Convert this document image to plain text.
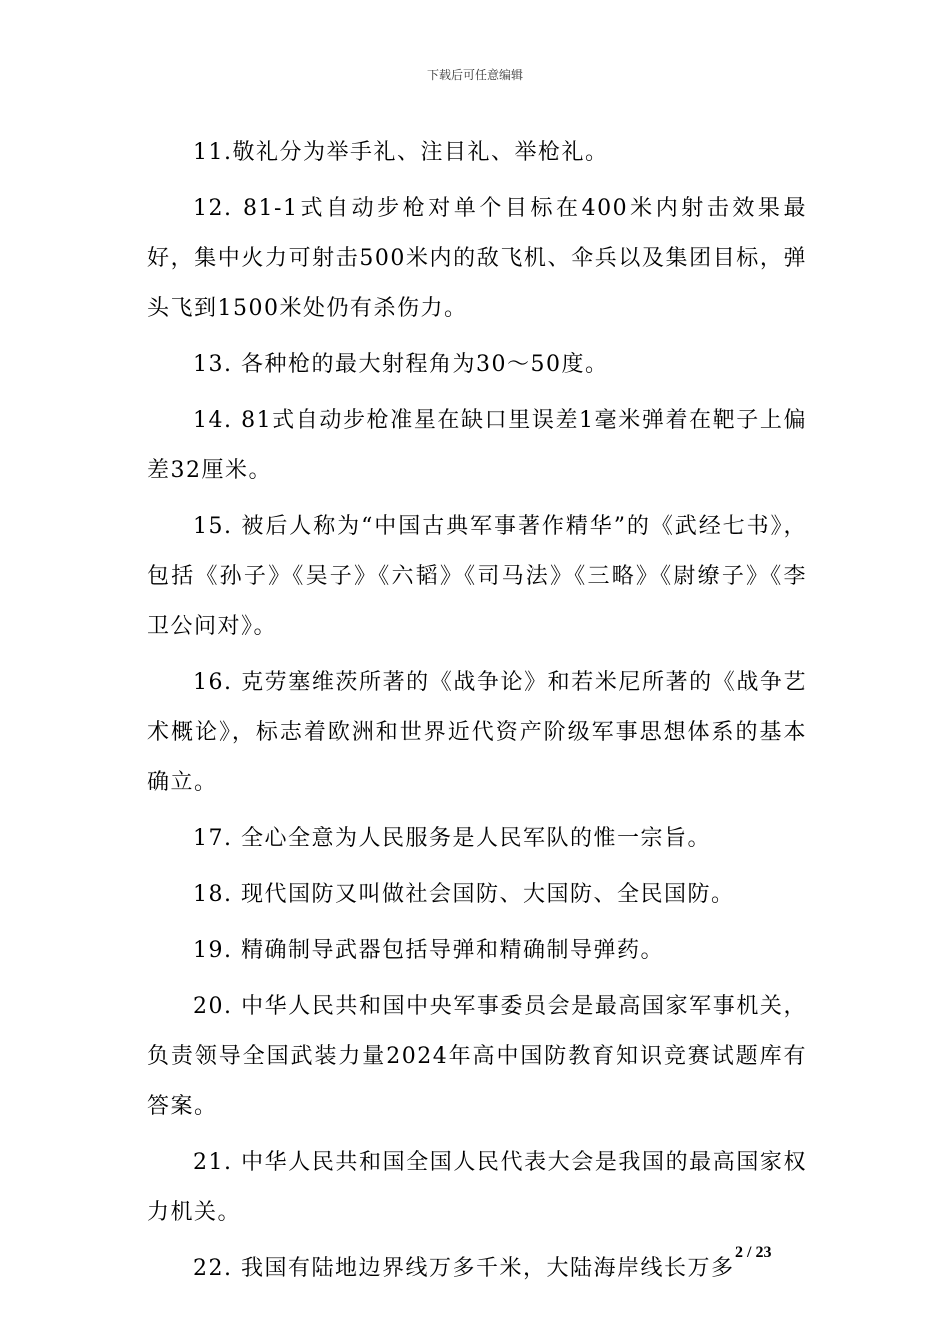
下载后可任意编辑

11.敬礼分为举手礼、注目礼、举枪礼。

12. 81-1式自动步枪对单个目标在400米内射击效果最好，集中火力可射击500米内的敌飞机、伞兵以及集团目标，弹头飞到1500米处仍有杀伤力。

13. 各种枪的最大射程角为30～50度。

14. 81式自动步枪准星在缺口里误差1毫米弹着在靶子上偏差32厘米。

15. 被后人称为“中国古典军事著作精华”的《武经七书》，包括《孙子》《吴子》《六韬》《司马法》《三略》《尉缭子》《李卫公问对》。

16. 克劳塞维茨所著的《战争论》和若米尼所著的《战争艺术概论》，标志着欧洲和世界近代资产阶级军事思想体系的基本确立。

17. 全心全意为人民服务是人民军队的惟一宗旨。

18. 现代国防又叫做社会国防、大国防、全民国防。

19. 精确制导武器包括导弹和精确制导弹药。

20. 中华人民共和国中央军事委员会是最高国家军事机关，负责领导全国武装力量2024年高中国防教育知识竞赛试题库有答案。

21. 中华人民共和国全国人民代表大会是我国的最高国家权力机关。

22. 我国有陆地边界线万多千米，大陆海岸线长万多

2 / 23
